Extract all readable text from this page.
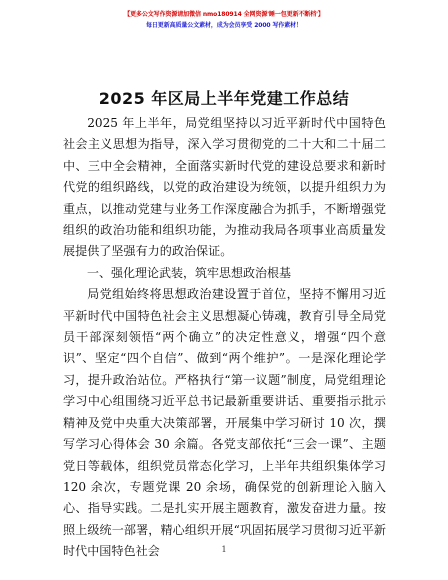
【更多公文写作资源请加微信 nmo180914 全网资源'睡一包更新不断档'】
每日更新高质量公文素材，成为会员享受 2000 写作素材！
2025 年区局上半年党建工作总结

2025 年上半年，局党组坚持以习近平新时代中国特色社会主义思想为指导，深入学习贯彻党的二十大和二十届二中、三中全会精神，全面落实新时代党的建设总要求和新时代党的组织路线，以党的政治建设为统领，以提升组织力为重点，以推动党建与业务工作深度融合为抓手，不断增强党组织的政治功能和组织功能，为推动我局各项事业高质量发展提供了坚强有力的政治保证。

一、强化理论武装，筑牢思想政治根基

局党组始终将思想政治建设置于首位，坚持不懈用习近平新时代中国特色社会主义思想凝心铸魂，教育引导全局党员干部深刻领悟“两个确立”的决定性意义，增强“四个意识”、坚定“四个自信”、做到“两个维护”。一是深化理论学习，提升政治站位。严格执行“第一议题”制度，局党组理论学习中心组围绕习近平总书记最新重要讲话、重要指示批示精神及党中央重大决策部署，开展集中学习研讨 10 次，撰写学习心得体会 30 余篇。各党支部依托“三会一课”、主题党日等载体，组织党员常态化学习，上半年共组织集体学习 120 余次，专题党课 20 余场，确保党的创新理论入脑入心、指导实践。二是扎实开展主题教育，激发奋进力量。按照上级统一部署，精心组织开展“巩固拓展学习贯彻习近平新时代中国特色社会	1
